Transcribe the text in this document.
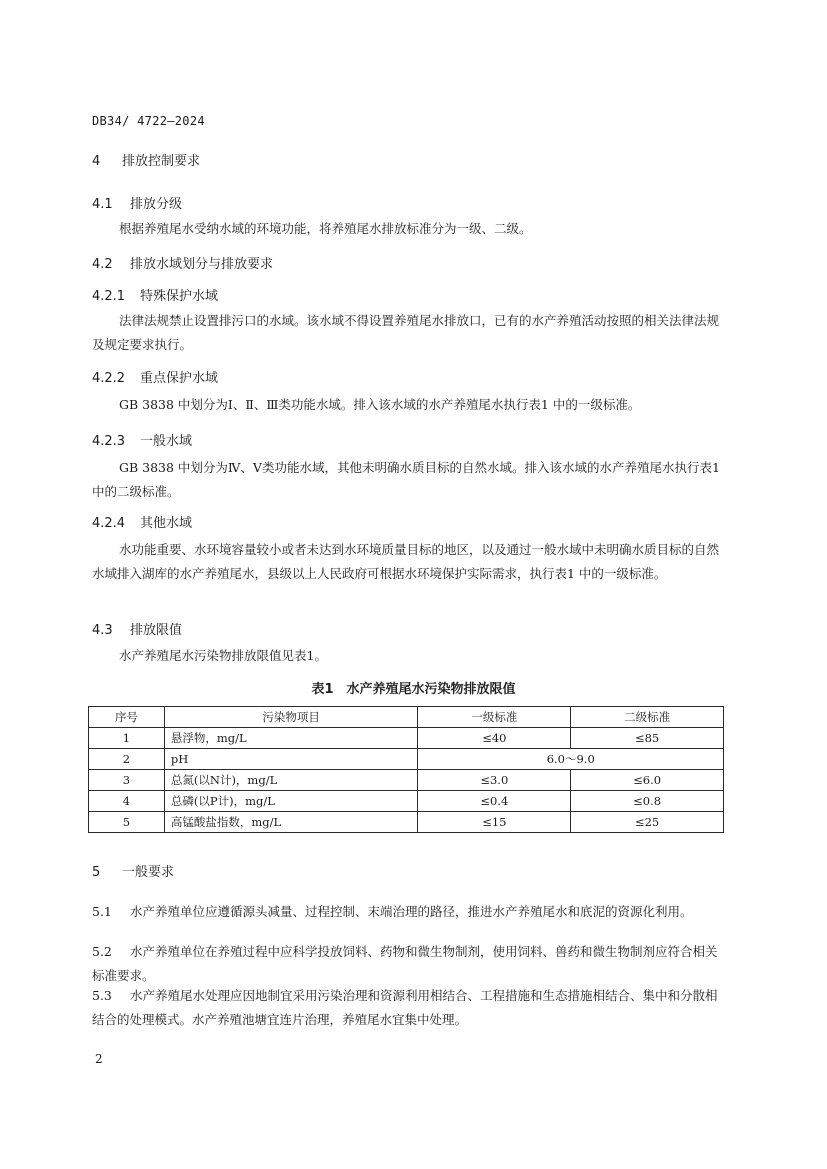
DB34/ 4722—2024
4 排放控制要求
4.1 排放分级
根据养殖尾水受纳水域的环境功能，将养殖尾水排放标准分为一级、二级。
4.2 排放水域划分与排放要求
4.2.1 特殊保护水域
法律法规禁止设置排污口的水域。该水域不得设置养殖尾水排放口，已有的水产养殖活动按照的相关法律法规及规定要求执行。
4.2.2 重点保护水域
GB 3838 中划分为Ⅰ、Ⅱ、Ⅲ类功能水域。排入该水域的水产养殖尾水执行表1 中的一级标准。
4.2.3 一般水域
GB 3838 中划分为Ⅳ、Ⅴ类功能水域，其他未明确水质目标的自然水域。排入该水域的水产养殖尾水执行表1 中的二级标准。
4.2.4 其他水域
水功能重要、水环境容量较小或者未达到水环境质量目标的地区，以及通过一般水域中未明确水质目标的自然水域排入湖库的水产养殖尾水，县级以上人民政府可根据水环境保护实际需求，执行表1 中的一级标准。
4.3 排放限值
水产养殖尾水污染物排放限值见表1。
表1　水产养殖尾水污染物排放限值
序号	污染物项目	一级标准	二级标准
1	悬浮物，mg/L	≤40	≤85
2	pH	6.0～9.0	
3	总氮(以N计)，mg/L	≤3.0	≤6.0
4	总磷(以P计)，mg/L	≤0.4	≤0.8
5	高锰酸盐指数，mg/L	≤15	≤25
5 一般要求
5.1 水产养殖单位应遵循源头减量、过程控制、末端治理的路径，推进水产养殖尾水和底泥的资源化利用。
5.2 水产养殖单位在养殖过程中应科学投放饲料、药物和微生物制剂，使用饲料、兽药和微生物制剂应符合相关标准要求。
5.3 水产养殖尾水处理应因地制宜采用污染治理和资源利用相结合、工程措施和生态措施相结合、集中和分散相结合的处理模式。水产养殖池塘宜连片治理，养殖尾水宜集中处理。
2
